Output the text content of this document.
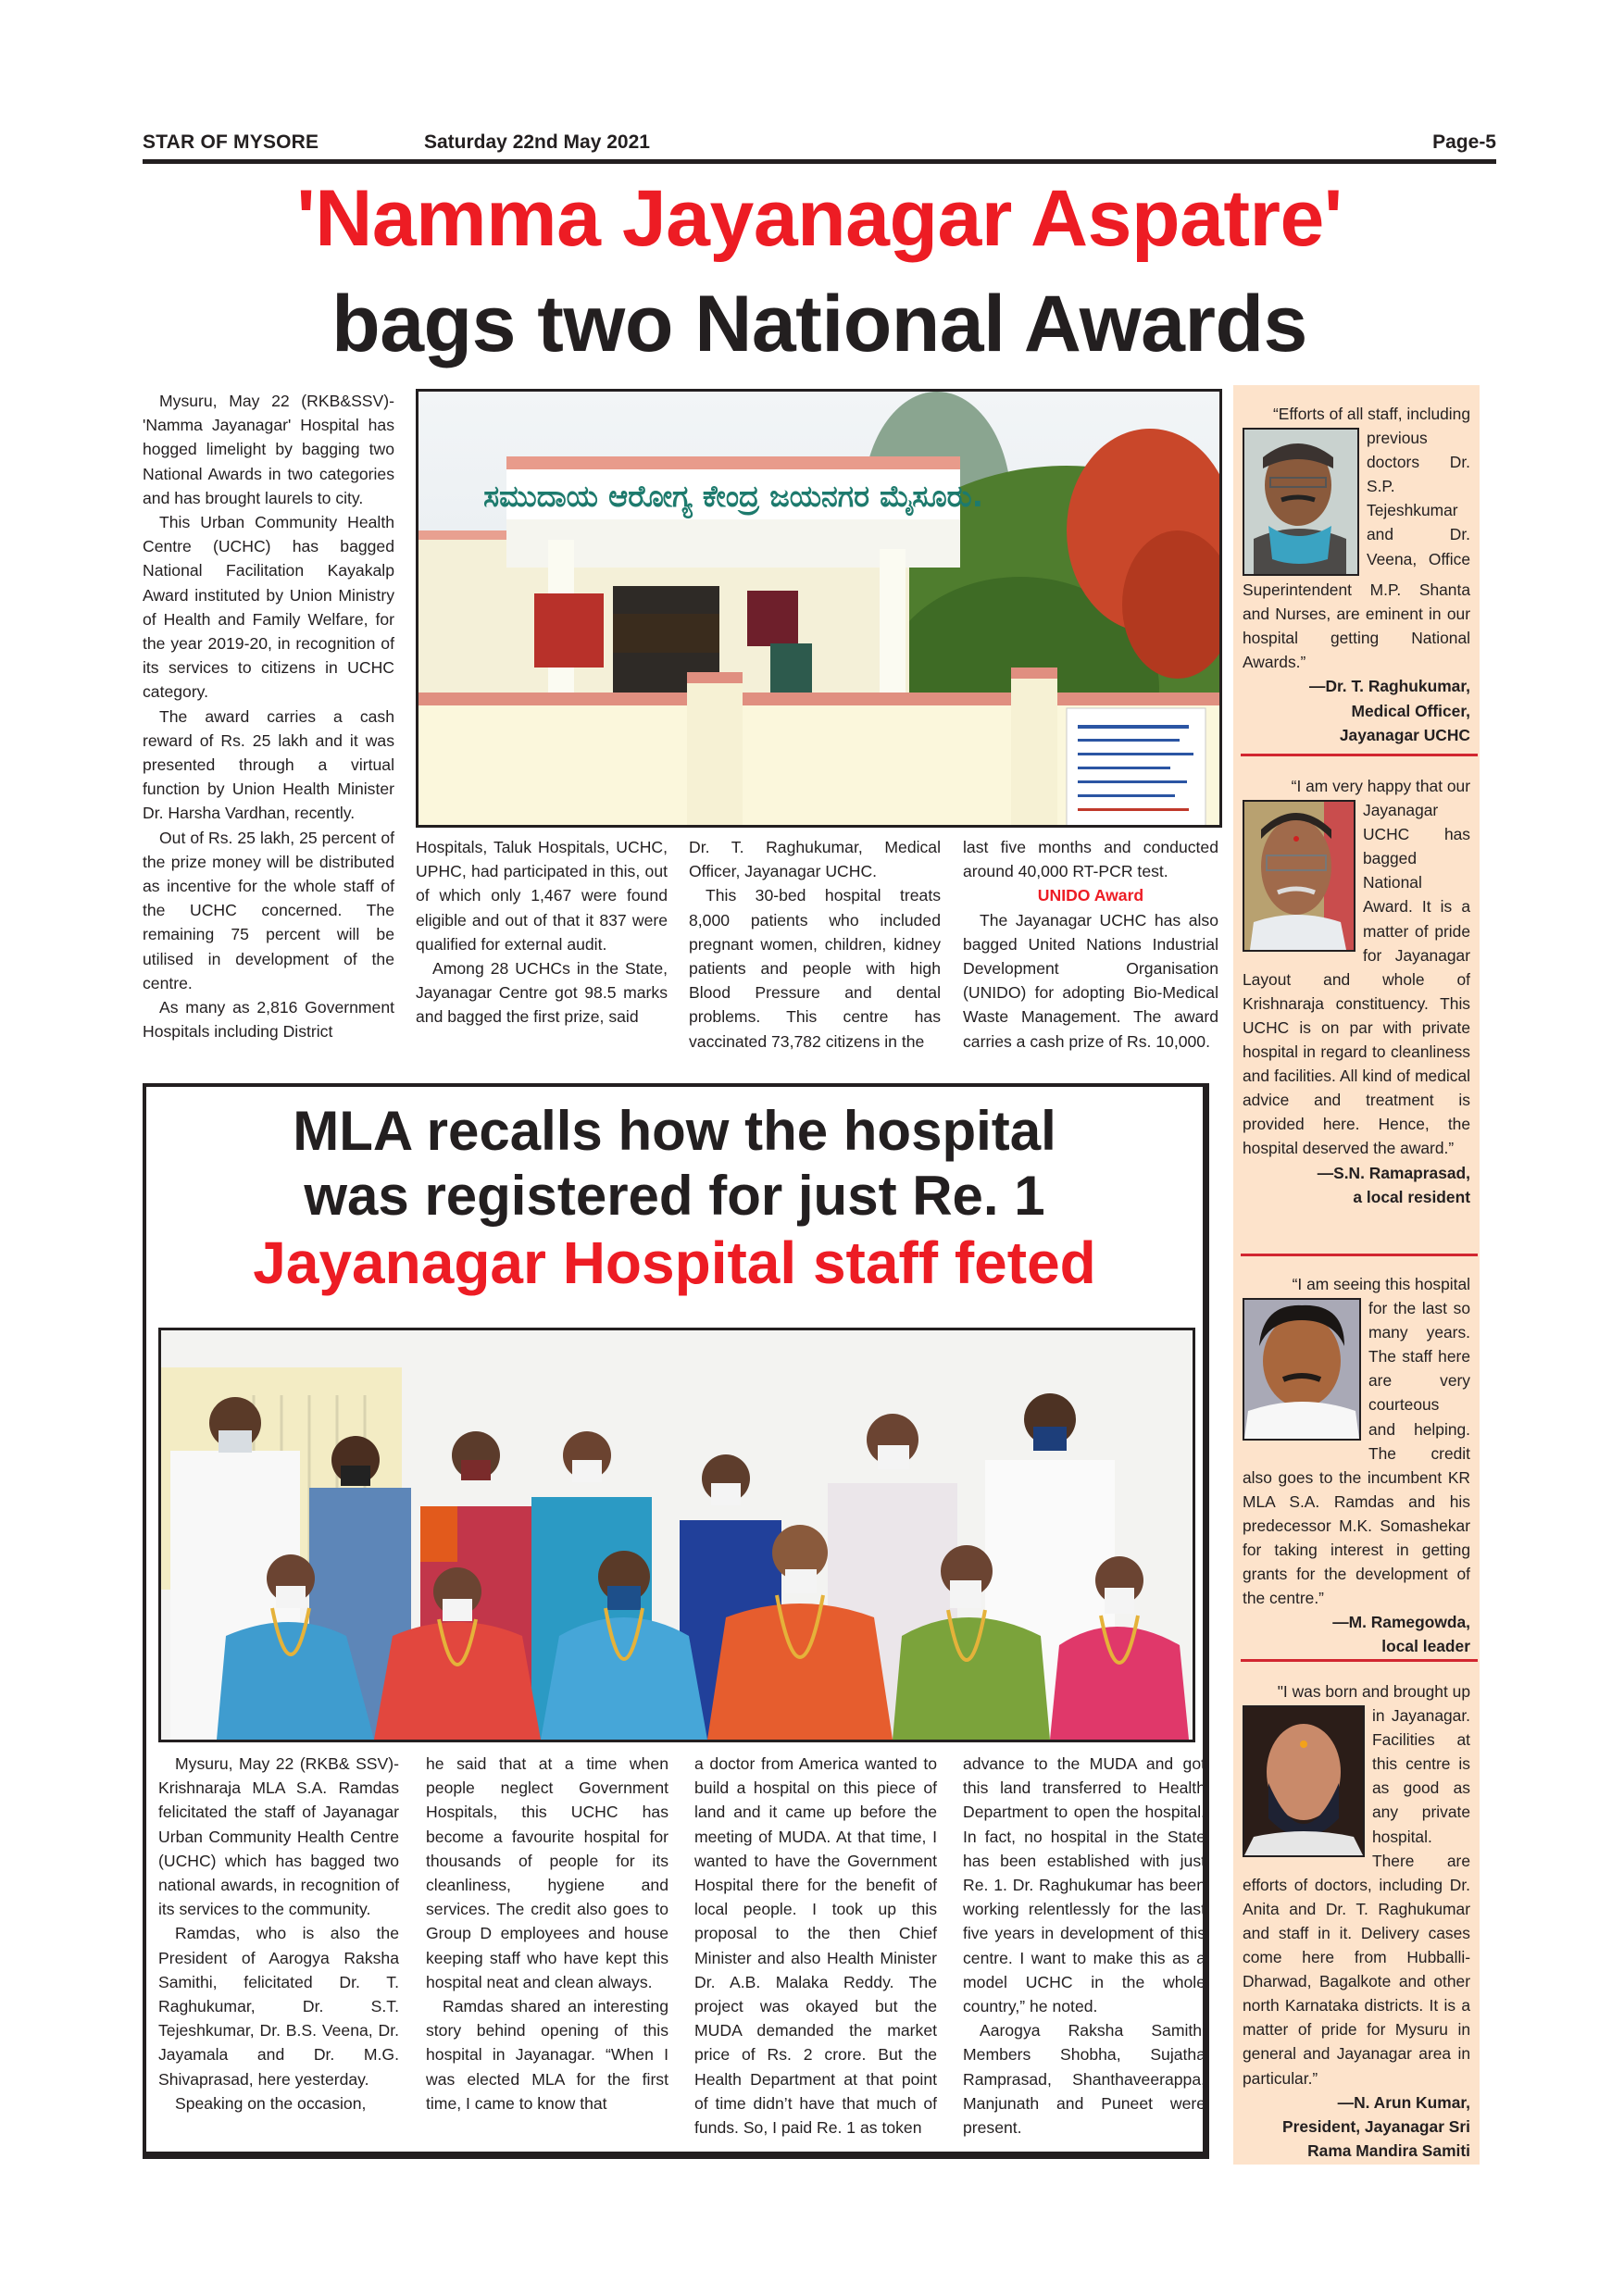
STAR OF MYSORE	Saturday 22nd May 2021	Page-5
'Namma Jayanagar Aspatre'
bags two National Awards

Mysuru, May 22 (RKB&SSV)- 'Namma Jayanagar' Hospital has hogged limelight by bagging two National Awards in two categories and has brought laurels to city.

This Urban Community Health Centre (UCHC) has bagged National Facilitation Kayakalp Award instituted by Union Ministry of Health and Family Welfare, for the year 2019-20, in recognition of its services to citizens in UCHC category.

The award carries a cash reward of Rs. 25 lakh and it was presented through a virtual function by Union Health Minister Dr. Harsha Vardhan, recently.

Out of Rs. 25 lakh, 25 percent of the prize money will be distributed as incentive for the whole staff of the UCHC concerned. The remaining 75 percent will be utilised in development of the centre.

As many as 2,816 Government Hospitals including District

ಸಮುದಾಯ ಆರೋಗ್ಯ ಕೇಂದ್ರ ಜಯನಗರ ಮೈಸೂರು.

Hospitals, Taluk Hospitals, UCHC, UPHC, had participated in this, out of which only 1,467 were found eligible and out of that it 837 were qualified for external audit.

Among 28 UCHCs in the State, Jayanagar Centre got 98.5 marks and bagged the first prize, said

Dr. T. Raghukumar, Medical Officer, Jayanagar UCHC.

This 30-bed hospital treats 8,000 patients who included pregnant women, children, kidney patients and people with high Blood Pressure and dental problems. This centre has vaccinated 73,782 citizens in the

last five months and conducted around 40,000 RT-PCR test.

UNIDO Award

The Jayanagar UCHC has also bagged United Nations Industrial Development Organisation (UNIDO) for adopting Bio-Medical Waste Management. The award carries a cash prize of Rs. 10,000.

“Efforts of all staff, including
previous doctors Dr. S.P. Tejeshkumar and Dr. Veena, Office Superintendent M.P. Shanta and Nurses, are eminent in our hospital getting National Awards.”
—Dr. T. Raghukumar,
Medical Officer,
Jayanagar UCHC
“I am very happy that our
Jayanagar UCHC has bagged National Award. It is a matter of pride for Jayanagar Layout and whole of Krishnaraja constituency. This UCHC is on par with private hospital in regard to cleanliness and facilities. All kind of medical advice and treatment is provided here. Hence, the hospital deserved the award.”
—S.N. Ramaprasad,
a local resident
“I am seeing this hospital
for the last so many years. The staff here are very courteous and helping. The credit also goes to the incumbent KR MLA S.A. Ramdas and his predecessor M.K. Somashekar for taking interest in getting grants for the development of the centre.”
—M. Ramegowda,
local leader
"I was born and brought up
in Jayanagar. Facilities at this centre is as good as any private hospital. There are efforts of doctors, including Dr. Anita and Dr. T. Raghukumar and staff in it. Delivery cases come here from Hubballi-Dharwad, Bagalkote and other north Karnataka districts. It is a matter of pride for Mysuru in general and Jayanagar area in particular.”
—N. Arun Kumar,
President, Jayanagar Sri
Rama Mandira Samiti
MLA recalls how the hospital
was registered for just Re. 1
Jayanagar Hospital staff feted

Mysuru, May 22 (RKB& SSV)- Krishnaraja MLA S.A. Ramdas felicitated the staff of Jayanagar Urban Community Health Centre (UCHC) which has bagged two national awards, in recognition of its services to the community.

Ramdas, who is also the President of Aarogya Raksha Samithi, felicitated Dr. T. Raghukumar, Dr. S.T. Tejeshkumar, Dr. B.S. Veena, Dr. Jayamala and Dr. M.G. Shivaprasad, here yesterday.

Speaking on the occasion,

he said that at a time when people neglect Government Hospitals, this UCHC has become a favourite hospital for thousands of people for its cleanliness, hygiene and services. The credit also goes to Group D employees and house keeping staff who have kept this hospital neat and clean always.

Ramdas shared an interesting story behind opening of this hospital in Jayanagar. “When I was elected MLA for the first time, I came to know that

a doctor from America wanted to build a hospital on this piece of land and it came up before the meeting of MUDA. At that time, I wanted to have the Government Hospital there for the benefit of local people. I took up this proposal to the then Chief Minister and also Health Minister Dr. A.B. Malaka Reddy. The project was okayed but the MUDA demanded the market price of Rs. 2 crore. But the Health Department at that point of time didn’t have that much of funds. So, I paid Re. 1 as token

advance to the MUDA and got this land transferred to Health Department to open the hospital. In fact, no hospital in the State has been established with just Re. 1. Dr. Raghukumar has been working relentlessly for the last five years in development of this centre. I want to make this as a model UCHC in the whole country,” he noted.

Aarogya Raksha Samithi Members Shobha, Sujatha Ramprasad, Shanthaveerappa, Manjunath and Puneet were present.
